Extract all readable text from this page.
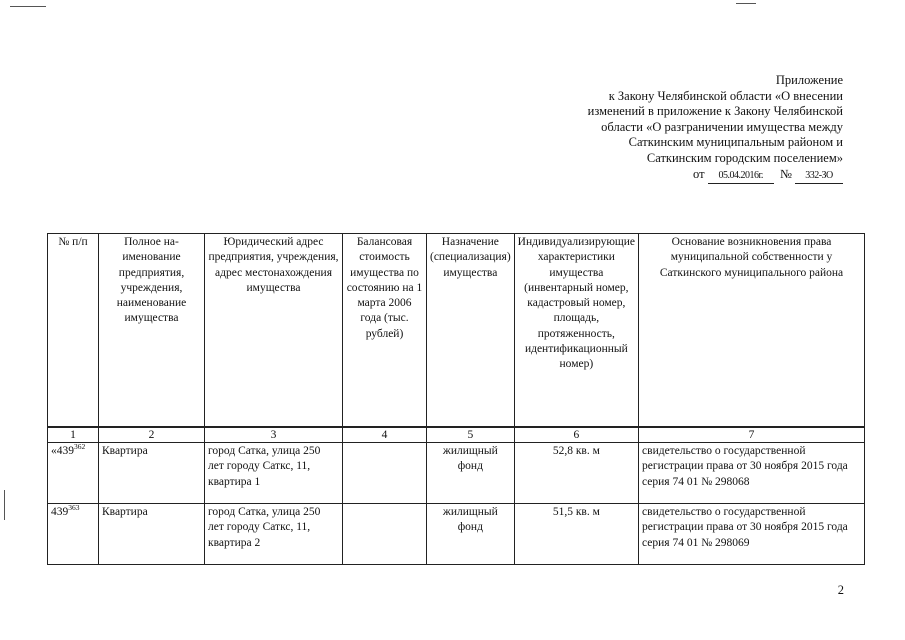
Приложение
к Закону Челябинской области «О внесении
изменений в приложение к Закону Челябинской
области «О разграничении имущества между
Саткинским муниципальным районом и
Саткинским городским поселением»
от 05.04.2016г. № 332-ЗО
№ п/п	Полное на-именование предприятия, учреждения, наименование имущества	Юридический адрес предприятия, учреждения, адрес местонахождения имущества	Балансовая стоимость имущества по состоянию на 1 марта 2006 года (тыс. рублей)	Назначение (специализация) имущества	Индивидуализирующие характеристики имущества (инвентарный номер, кадастровый номер, площадь, протяженность, идентификационный номер)	Основание возникновения права муниципальной собственности у Саткинского муниципального района
1	2	3	4	5	6	7
«$439^{362}$	Квартира	город Сатка, улица 250 лет городу Саткс, 11, квартира 1		жилищный фонд	52,8 кв. м	свидетельство о государственной регистрации права от 30 ноября 2015 года серия 74 01 № 298068
$439^{363}$	Квартира	город Сатка, улица 250 лет городу Саткс, 11, квартира 2		жилищный фонд	51,5 кв. м	свидетельство о государственной регистрации права от 30 ноября 2015 года серия 74 01 № 298069
2
